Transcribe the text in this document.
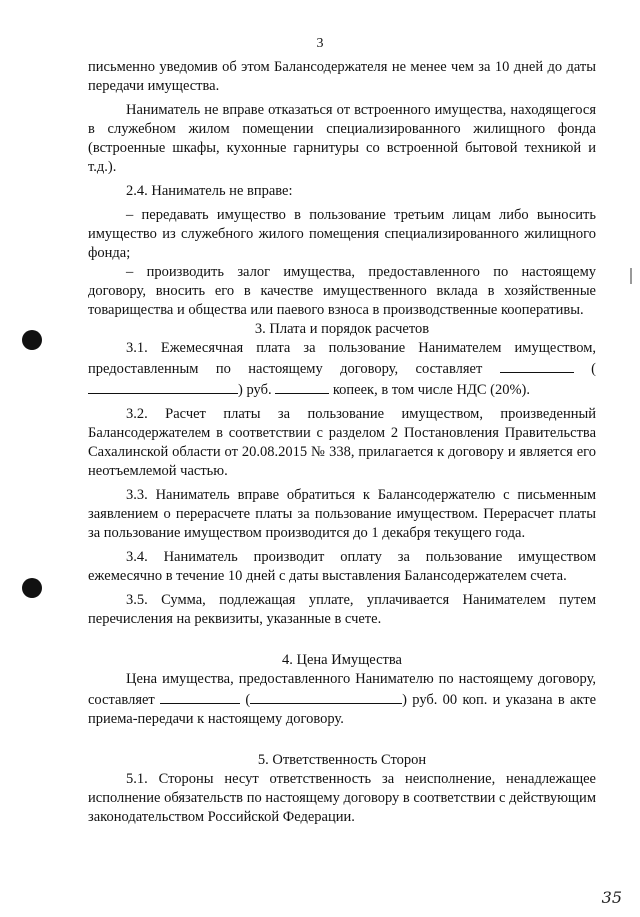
3

письменно уведомив об этом Балансодержателя не менее чем за 10 дней до даты передачи имущества.

Наниматель не вправе отказаться от встроенного имущества, находящегося в служебном жилом помещении специализированного жилищного фонда (встроенные шкафы, кухонные гарнитуры со встроенной бытовой техникой и т.д.).

2.4. Наниматель не вправе:

– передавать имущество в пользование третьим лицам либо выносить имущество из служебного жилого помещения специализированного жилищного фонда;

– производить залог имущества, предоставленного по настоящему договору, вносить его в качестве имущественного вклада в хозяйственные товарищества и общества или паевого взноса в производственные кооперативы.

3. Плата и порядок расчетов

3.1. Ежемесячная плата за пользование Нанимателем имуществом, предоставленным по настоящему договору, составляет	() руб.	копеек, в том числе НДС (20%).

3.2. Расчет платы за пользование имуществом, произведенный Балансодержателем в соответствии с разделом 2 Постановления Правительства Сахалинской области от 20.08.2015 № 338, прилагается к договору и является его неотъемлемой частью.

3.3. Наниматель вправе обратиться к Балансодержателю с письменным заявлением о перерасчете платы за пользование имуществом. Перерасчет платы за пользование имуществом производится до 1 декабря текущего года.

3.4. Наниматель производит оплату за пользование имуществом ежемесячно в течение 10 дней с даты выставления Балансодержателем счета.

3.5. Сумма, подлежащая уплате, уплачивается Нанимателем путем перечисления на реквизиты, указанные в счете.

4. Цена Имущества

Цена имущества, предоставленного Нанимателю по настоящему договору, составляет	(	) руб. 00 коп. и указана в акте приема-передачи к настоящему договору.

5. Ответственность Сторон

5.1. Стороны несут ответственность за неисполнение, ненадлежащее исполнение обязательств по настоящему договору в соответствии с действующим законодательством Российской Федерации.

35
